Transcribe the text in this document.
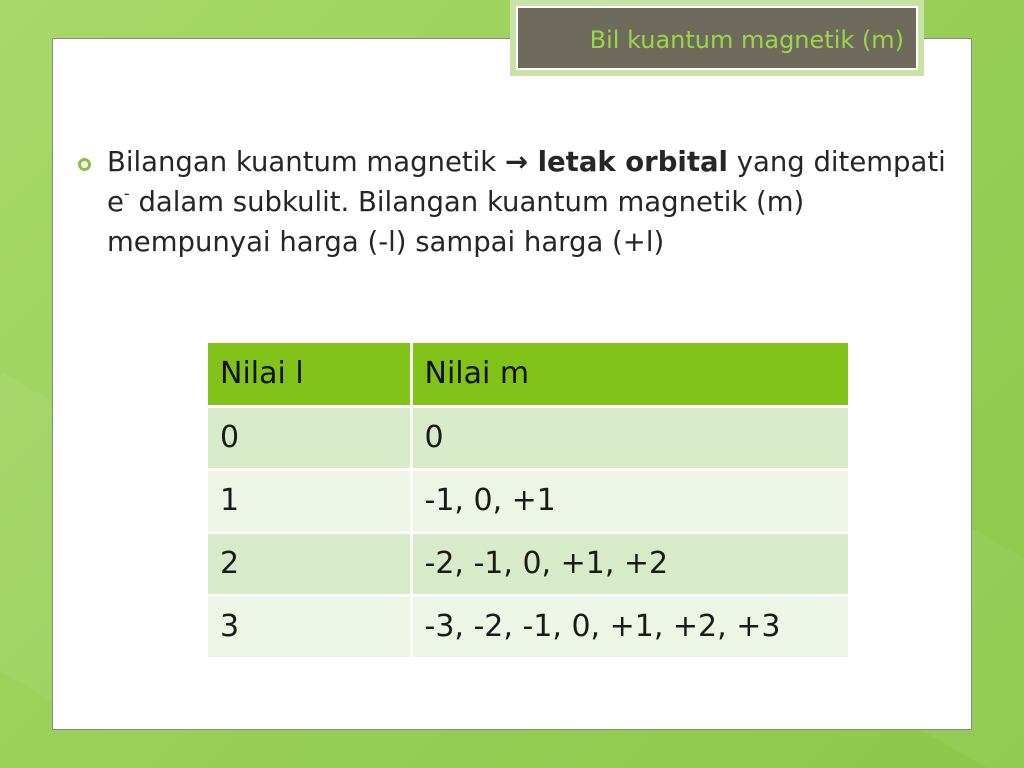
Bil kuantum magnetik (m)
Bilangan kuantum magnetik → letak orbital yang ditempati e- dalam subkulit. Bilangan kuantum magnetik (m) mempunyai harga (-l) sampai harga (+l)
Nilai l	Nilai m
0	0
1	-1, 0, +1
2	-2, -1, 0, +1, +2
3	-3, -2, -1, 0, +1, +2, +3
